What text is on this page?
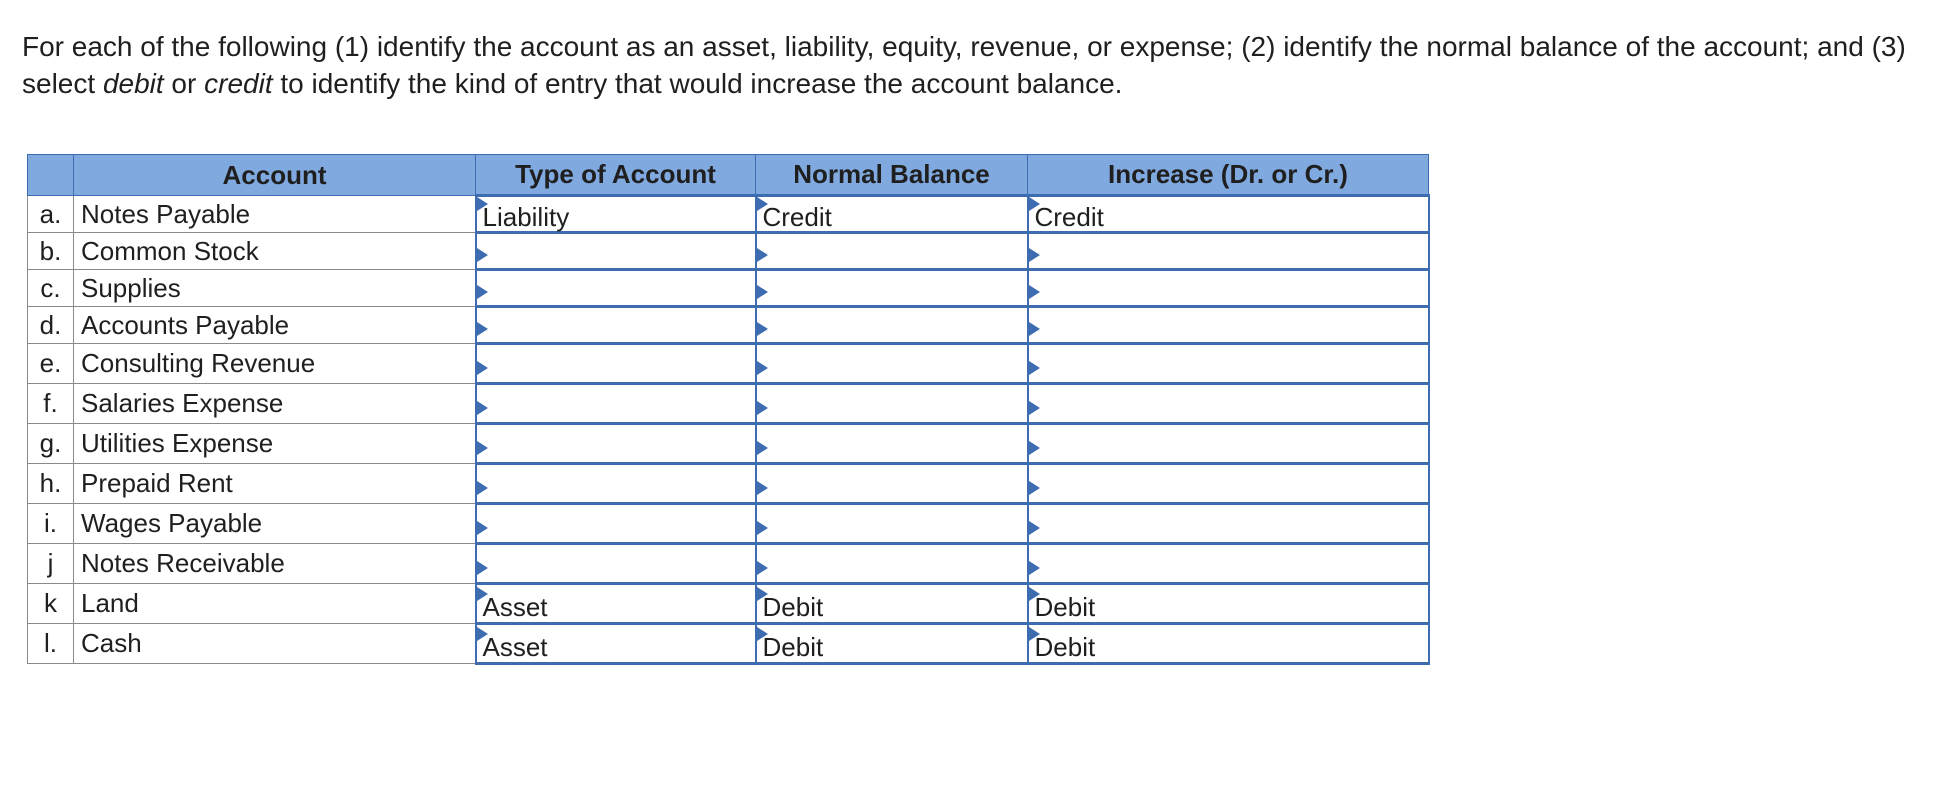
For each of the following (1) identify the account as an asset, liability, equity, revenue, or expense; (2) identify the normal balance of the account; and (3) select debit or credit to identify the kind of entry that would increase the account balance.

	Account	Type of Account	Normal Balance	Increase (Dr. or Cr.)
a.	Notes Payable	Liability	Credit	Credit

b.	Common Stock	

c.	Supplies	

d.	Accounts Payable	

e.	Consulting Revenue	

f.	Salaries Expense	

g.	Utilities Expense	

h.	Prepaid Rent	

i.	Wages Payable	

j	Notes Receivable	

k	Land	Asset	Debit	Debit

l.	Cash	Asset	Debit	Debit
